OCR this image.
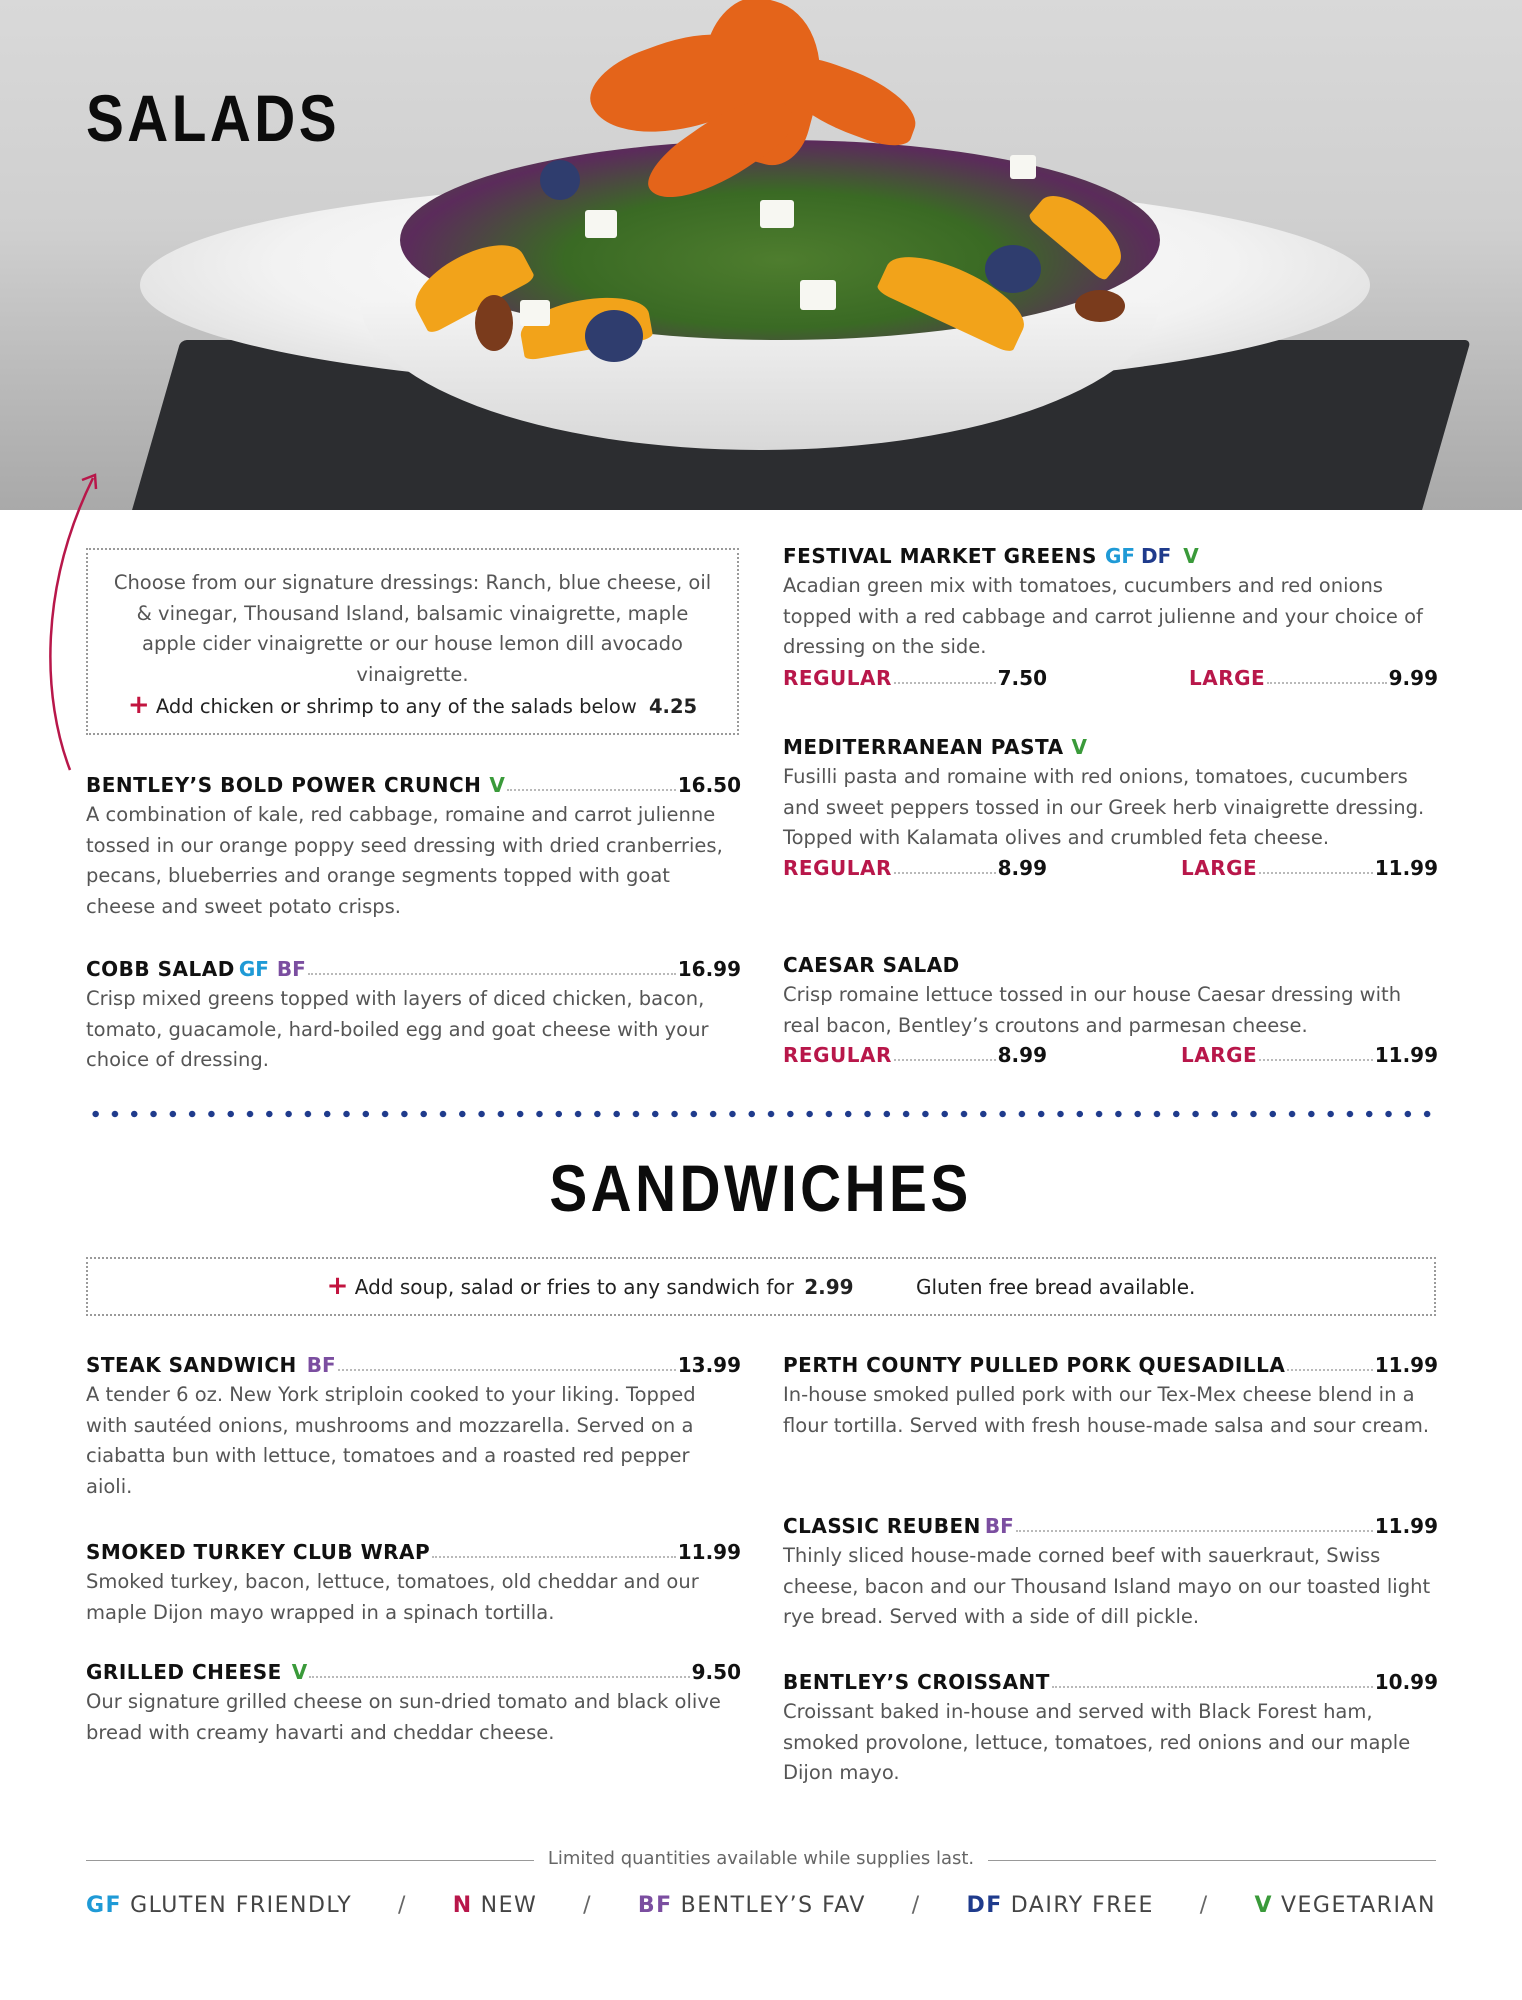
SALADS
Choose from our signature dressings: Ranch, blue cheese, oil & vinegar, Thousand Island, balsamic vinaigrette, maple apple cider vinaigrette or our house lemon dill avocado vinaigrette.
+ Add chicken or shrimp to any of the salads below 4.25
BENTLEY’S BOLD POWER CRUNCH V	16.50
A combination of kale, red cabbage, romaine and carrot julienne tossed in our orange poppy seed dressing with dried cranberries, pecans, blueberries and orange segments topped with goat cheese and sweet potato crisps.
COBB SALAD GF BF	16.99
Crisp mixed greens topped with layers of diced chicken, bacon, tomato, guacamole, hard-boiled egg and goat cheese with your choice of dressing.
FESTIVAL MARKET GREENS GF DF V
Acadian green mix with tomatoes, cucumbers and red onions topped with a red cabbage and carrot julienne and your choice of dressing on the side.
REGULAR	7.50	LARGE	9.99
MEDITERRANEAN PASTA V
Fusilli pasta and romaine with red onions, tomatoes, cucumbers and sweet peppers tossed in our Greek herb vinaigrette dressing. Topped with Kalamata olives and crumbled feta cheese.
REGULAR	8.99	LARGE	11.99
CAESAR SALAD
Crisp romaine lettuce tossed in our house Caesar dressing with real bacon, Bentley’s croutons and parmesan cheese.
REGULAR	8.99	LARGE	11.99
SANDWICHES
+ Add soup, salad or fries to any sandwich for 2.99	Gluten free bread available.
STEAK SANDWICH BF	13.99
A tender 6 oz. New York striploin cooked to your liking. Topped with sautéed onions, mushrooms and mozzarella. Served on a ciabatta bun with lettuce, tomatoes and a roasted red pepper aioli.
SMOKED TURKEY CLUB WRAP	11.99
Smoked turkey, bacon, lettuce, tomatoes, old cheddar and our maple Dijon mayo wrapped in a spinach tortilla.
GRILLED CHEESE V	9.50
Our signature grilled cheese on sun-dried tomato and black olive bread with creamy havarti and cheddar cheese.
PERTH COUNTY PULLED PORK QUESADILLA	11.99
In-house smoked pulled pork with our Tex-Mex cheese blend in a flour tortilla. Served with fresh house-made salsa and sour cream.
CLASSIC REUBEN BF	11.99
Thinly sliced house-made corned beef with sauerkraut, Swiss cheese, bacon and our Thousand Island mayo on our toasted light rye bread. Served with a side of dill pickle.
BENTLEY’S CROISSANT	10.99
Croissant baked in-house and served with Black Forest ham, smoked provolone, lettuce, tomatoes, red onions and our maple Dijon mayo.
Limited quantities available while supplies last.
GF GLUTEN FRIENDLY / N NEW / BF BENTLEY’S FAV / DF DAIRY FREE / V VEGETARIAN
